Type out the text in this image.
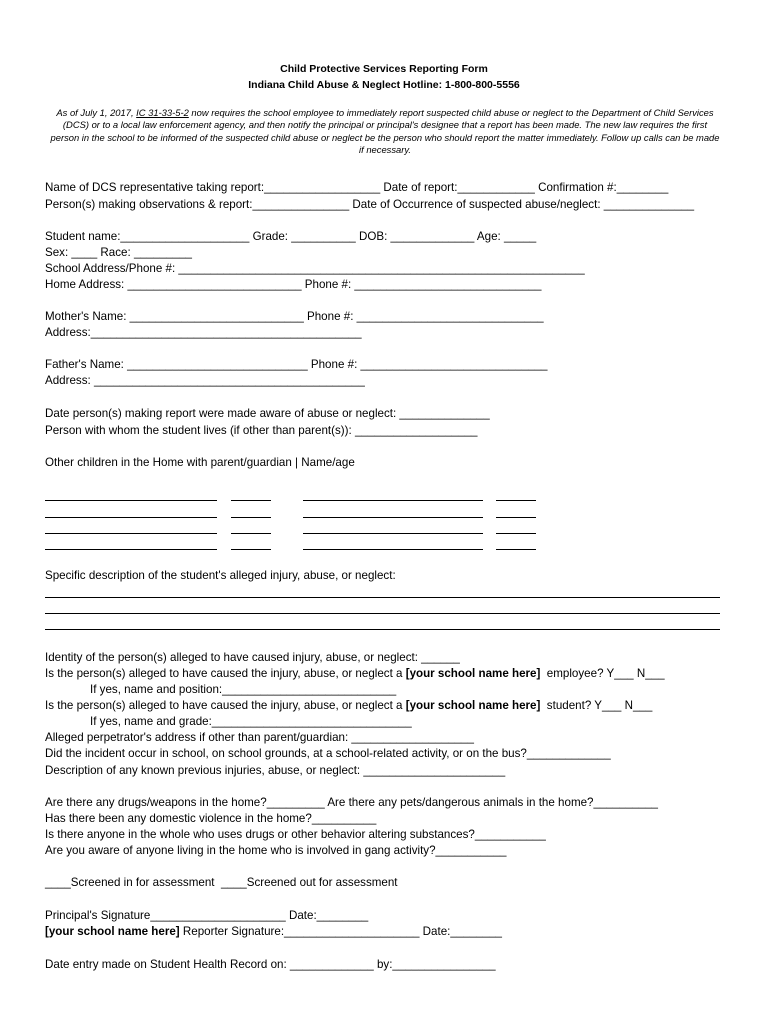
Child Protective Services Reporting Form
Indiana Child Abuse & Neglect Hotline: 1-800-800-5556
As of July 1, 2017, IC 31-33-5-2 now requires the school employee to immediately report suspected child abuse or neglect to the Department of Child Services (DCS) or to a local law enforcement agency, and then notify the principal or principal's designee that a report has been made. The new law requires the first person in the school to be informed of the suspected child abuse or neglect be the person who should report the matter immediately. Follow up calls can be made if necessary.
Name of DCS representative taking report:__________________ Date of report:____________ Confirmation #:________
Person(s) making observations & report:_______________ Date of Occurrence of suspected abuse/neglect: ______________
Student name:____________________ Grade: __________ DOB: _____________ Age: _____
Sex: ____ Race: _________
School Address/Phone #: _______________________________________________________________
Home Address: ___________________________ Phone #: _____________________________
Mother's Name: ___________________________ Phone #: _____________________________
Address:__________________________________________
Father's Name: ____________________________ Phone #: _____________________________
Address: __________________________________________
Date person(s) making report were made aware of abuse or neglect: ______________
Person with whom the student lives (if other than parent(s)): ___________________
Other children in the Home with parent/guardian | Name/age
Specific description of the student's alleged injury, abuse, or neglect:
Identity of the person(s) alleged to have caused injury, abuse, or neglect: ______
Is the person(s) alleged to have caused the injury, abuse, or neglect a [your school name here]  employee? Y___ N___
If yes, name and position:___________________________
Is the person(s) alleged to have caused the injury, abuse, or neglect a [your school name here]  student? Y___ N___
If yes, name and grade:_______________________________
Alleged perpetrator's address if other than parent/guardian: ___________________
Did the incident occur in school, on school grounds, at a school-related activity, or on the bus?_____________
Description of any known previous injuries, abuse, or neglect: ______________________
Are there any drugs/weapons in the home?_________ Are there any pets/dangerous animals in the home?__________
Has there been any domestic violence in the home?__________
Is there anyone in the whole who uses drugs or other behavior altering substances?___________
Are you aware of anyone living in the home who is involved in gang activity?___________
____Screened in for assessment  ____Screened out for assessment
Principal's Signature_____________________ Date:________
[your school name here] Reporter Signature:_____________________ Date:________
Date entry made on Student Health Record on: _____________ by:________________
